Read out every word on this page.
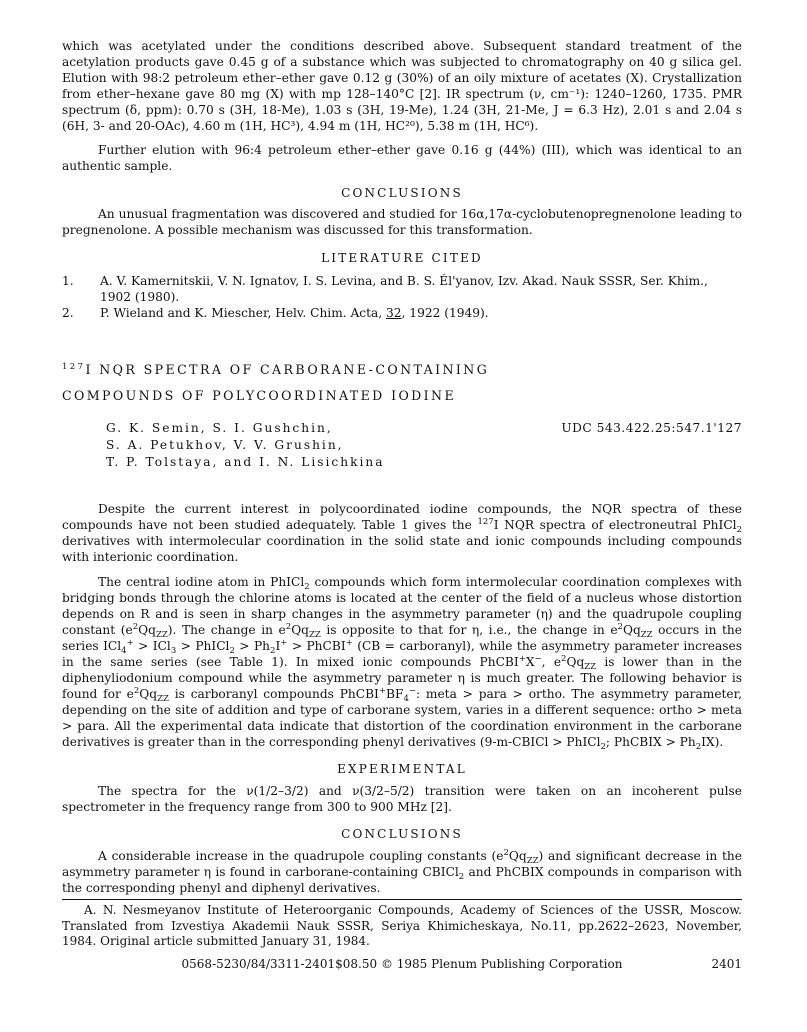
which was acetylated under the conditions described above. Subsequent standard treatment of the acetylation products gave 0.45 g of a substance which was subjected to chromatography on 40 g silica gel. Elution with 98:2 petroleum ether–ether gave 0.12 g (30%) of an oily mixture of acetates (X). Crystallization from ether–hexane gave 80 mg (X) with mp 128–140°C [2]. IR spectrum (ν, cm⁻¹): 1240–1260, 1735. PMR spectrum (δ, ppm): 0.70 s (3H, 18-Me), 1.03 s (3H, 19-Me), 1.24 (3H, 21-Me, J = 6.3 Hz), 2.01 s and 2.04 s (6H, 3- and 20-OAc), 4.60 m (1H, HC³), 4.94 m (1H, HC²⁰), 5.38 m (1H, HC⁶).

Further elution with 96:4 petroleum ether–ether gave 0.16 g (44%) (III), which was identical to an authentic sample.

CONCLUSIONS

An unusual fragmentation was discovered and studied for 16α,17α-cyclobutenopregnenolone leading to pregnenolone. A possible mechanism was discussed for this transformation.

LITERATURE CITED

1.	A. V. Kamernitskii, V. N. Ignatov, I. S. Levina, and B. S. Él'yanov, Izv. Akad. Nauk SSSR, Ser. Khim., 1902 (1980).
2.	P. Wieland and K. Miescher, Helv. Chim. Acta, 32, 1922 (1949).

$^{127}$I NQR SPECTRA OF CARBORANE-CONTAINING

COMPOUNDS OF POLYCOORDINATED IODINE

G. K. Semin, S. I. Gushchin,
S. A. Petukhov, V. V. Grushin,
T. P. Tolstaya, and I. N. Lisichkina
UDC 543.422.25:547.1'127

Despite the current interest in polycoordinated iodine compounds, the NQR spectra of these compounds have not been studied adequately. Table 1 gives the $^{127}$I NQR spectra of electroneutral PhICl$_2$ derivatives with intermolecular coordination in the solid state and ionic compounds including compounds with interionic coordination.

The central iodine atom in PhICl$_2$ compounds which form intermolecular coordination complexes with bridging bonds through the chlorine atoms is located at the center of the field of a nucleus whose distortion depends on R and is seen in sharp changes in the asymmetry parameter (η) and the quadrupole coupling constant $(e^2Qq_{ZZ})$. The change in $e^2Qq_{ZZ}$ is opposite to that for η, i.e., the change in $e^2Qq_{ZZ}$ occurs in the series ICl$_4$+ > ICl$_3$ > PhICl$_2$ > $Ph_2I^+$ > PhCBI+ (CB = carboranyl), while the asymmetry parameter increases in the same series (see Table 1). In mixed ionic compounds PhCBI+X−, $e^2Qq_{ZZ}$ is lower than in the diphenyliodonium compound while the asymmetry parameter η is much greater. The following behavior is found for $e^2Qq_{ZZ}$ is carboranyl compounds $PhCBI^+BF_4^-$: meta > para > ortho. The asymmetry parameter, depending on the site of addition and type of carborane system, varies in a different sequence: ortho > meta > para. All the experimental data indicate that distortion of the coordination environment in the carborane derivatives is greater than in the corresponding phenyl derivatives (9-m-CBICl > PhICl$_2$; PhCBIX > $Ph_2IX$).

EXPERIMENTAL

The spectra for the ν(1/2–3/2) and ν(3/2–5/2) transition were taken on an incoherent pulse spectrometer in the frequency range from 300 to 900 MHz [2].

CONCLUSIONS

A considerable increase in the quadrupole coupling constants $(e^2Qq_{ZZ})$ and significant decrease in the asymmetry parameter η is found in carborane-containing CBICl$_2$ and PhCBIX compounds in comparison with the corresponding phenyl and diphenyl derivatives.

A. N. Nesmeyanov Institute of Heteroorganic Compounds, Academy of Sciences of the USSR, Moscow. Translated from Izvestiya Akademii Nauk SSSR, Seriya Khimicheskaya, No.11, pp.2622–2623, November, 1984. Original article submitted January 31, 1984.

0568-5230/84/3311-2401$08.50 © 1985 Plenum Publishing Corporation	2401
